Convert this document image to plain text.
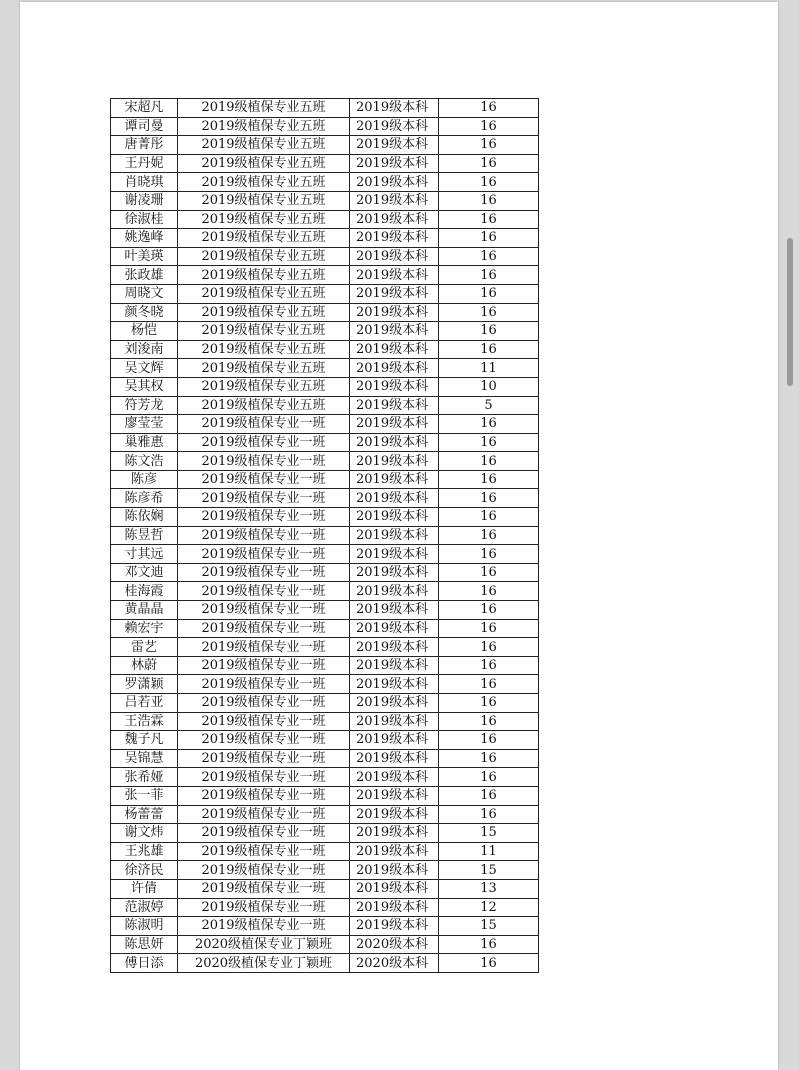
宋超凡	2019级植保专业五班	2019级本科	16
谭司曼	2019级植保专业五班	2019级本科	16
唐菁彤	2019级植保专业五班	2019级本科	16
王丹妮	2019级植保专业五班	2019级本科	16
肖晓琪	2019级植保专业五班	2019级本科	16
谢凌珊	2019级植保专业五班	2019级本科	16
徐淑桂	2019级植保专业五班	2019级本科	16
姚逸峰	2019级植保专业五班	2019级本科	16
叶美瑛	2019级植保专业五班	2019级本科	16
张政雄	2019级植保专业五班	2019级本科	16
周晓文	2019级植保专业五班	2019级本科	16
颜冬晓	2019级植保专业五班	2019级本科	16
杨恺	2019级植保专业五班	2019级本科	16
刘浚南	2019级植保专业五班	2019级本科	16
吴文辉	2019级植保专业五班	2019级本科	11
吴其权	2019级植保专业五班	2019级本科	10
符芳龙	2019级植保专业五班	2019级本科	5
廖莹莹	2019级植保专业一班	2019级本科	16
巢雅惠	2019级植保专业一班	2019级本科	16
陈文浩	2019级植保专业一班	2019级本科	16
陈彦	2019级植保专业一班	2019级本科	16
陈彦希	2019级植保专业一班	2019级本科	16
陈依娴	2019级植保专业一班	2019级本科	16
陈昱哲	2019级植保专业一班	2019级本科	16
寸其远	2019级植保专业一班	2019级本科	16
邓文迪	2019级植保专业一班	2019级本科	16
桂海霞	2019级植保专业一班	2019级本科	16
黄晶晶	2019级植保专业一班	2019级本科	16
赖宏宇	2019级植保专业一班	2019级本科	16
雷艺	2019级植保专业一班	2019级本科	16
林蔚	2019级植保专业一班	2019级本科	16
罗潇颖	2019级植保专业一班	2019级本科	16
吕若亚	2019级植保专业一班	2019级本科	16
王浩霖	2019级植保专业一班	2019级本科	16
魏子凡	2019级植保专业一班	2019级本科	16
吴锦慧	2019级植保专业一班	2019级本科	16
张希娅	2019级植保专业一班	2019级本科	16
张一菲	2019级植保专业一班	2019级本科	16
杨蕾蕾	2019级植保专业一班	2019级本科	16
谢文炜	2019级植保专业一班	2019级本科	15
王兆雄	2019级植保专业一班	2019级本科	11
徐济民	2019级植保专业一班	2019级本科	15
许倩	2019级植保专业一班	2019级本科	13
范淑婷	2019级植保专业一班	2019级本科	12
陈淑明	2019级植保专业一班	2019级本科	15
陈思妍	2020级植保专业丁颖班	2020级本科	16
傅日添	2020级植保专业丁颖班	2020级本科	16
